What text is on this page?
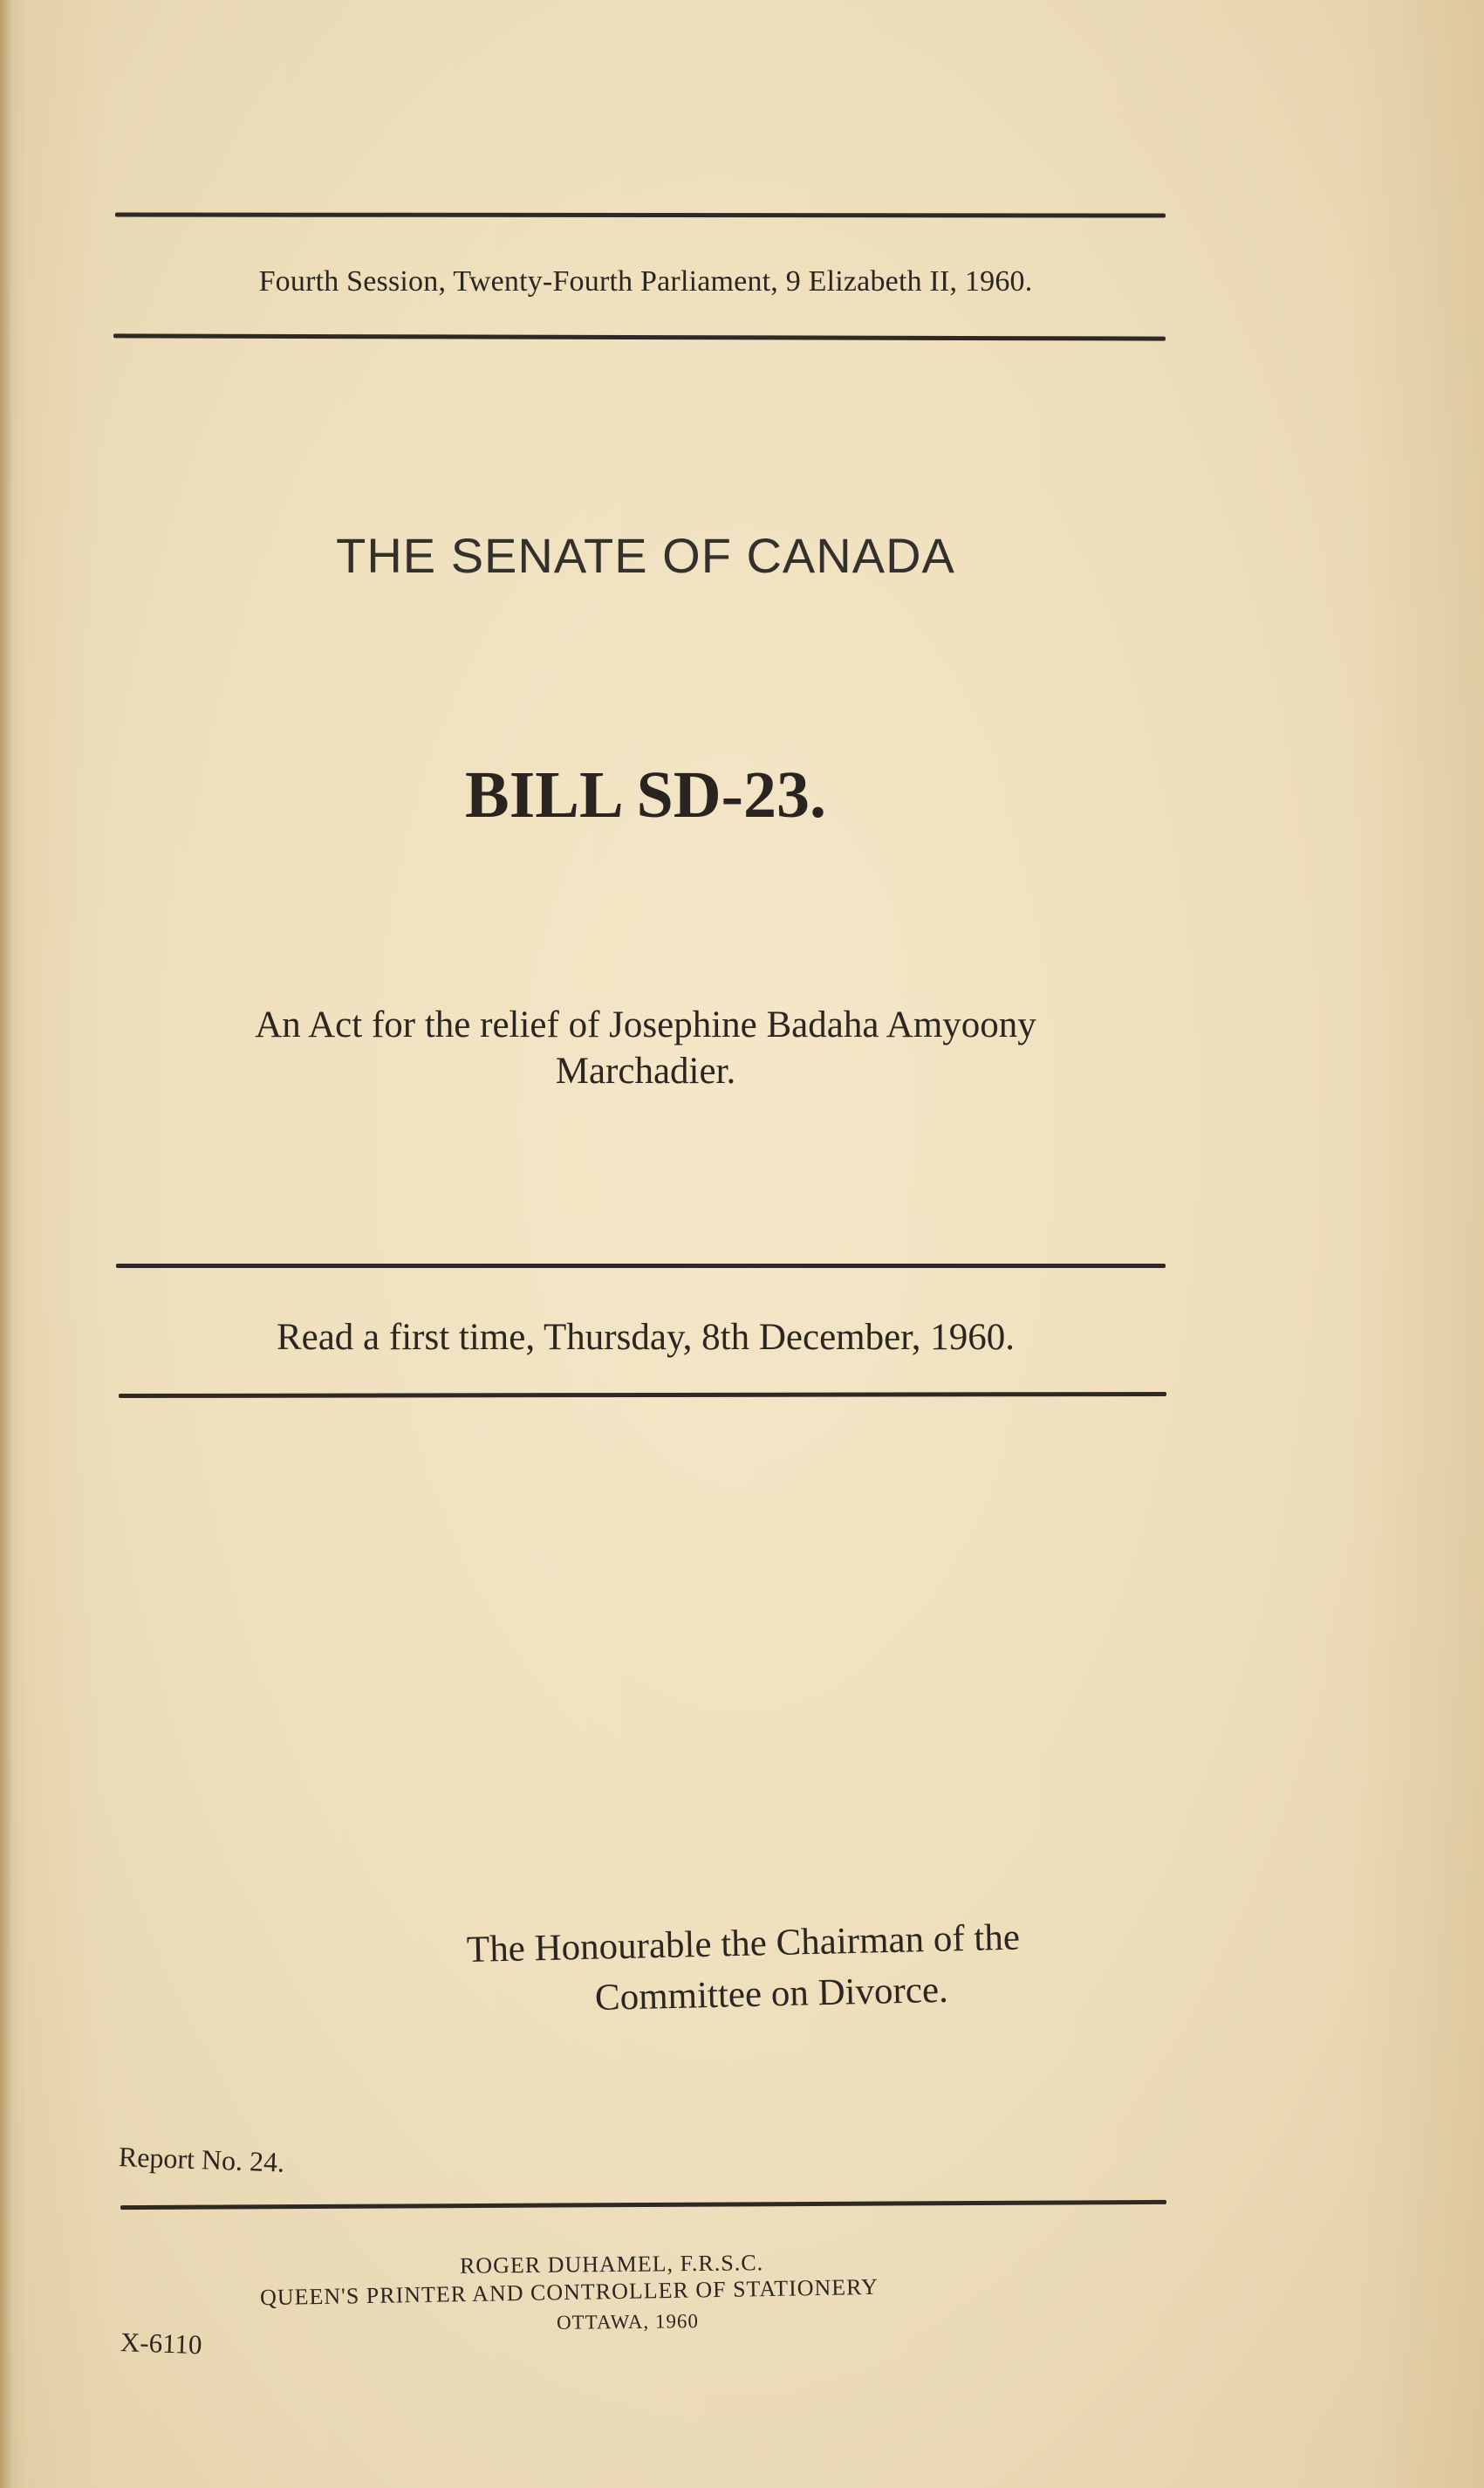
Fourth Session, Twenty-Fourth Parliament, 9 Elizabeth II, 1960.
THE SENATE OF CANADA
BILL SD-23.
An Act for the relief of Josephine Badaha Amyoony
Marchadier.
Read a first time, Thursday, 8th December, 1960.
The Honourable the Chairman of the
Committee on Divorce.
Report No. 24.
ROGER DUHAMEL, F.R.S.C.
QUEEN'S PRINTER AND CONTROLLER OF STATIONERY
OTTAWA, 1960
X-6110
